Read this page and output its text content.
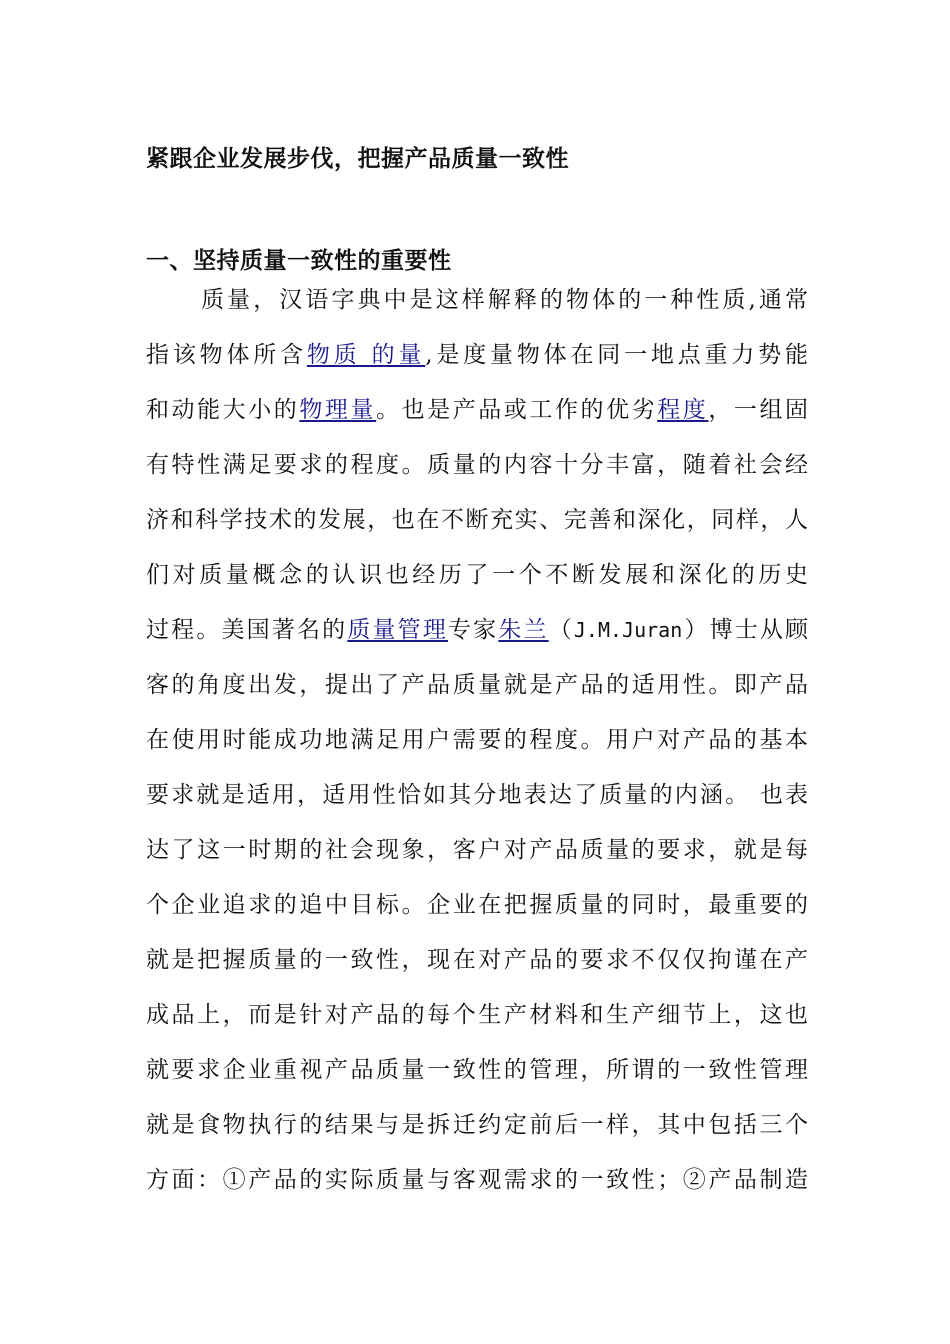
紧跟企业发展步伐，把握产品质量一致性
一、坚持质量一致性的重要性
质量，汉语字典中是这样解释的物体的一种性质,通常
指该物体所含物质 的量,是度量物体在同一地点重力势能
和动能大小的物理量。也是产品或工作的优劣程度，一组固
有特性满足要求的程度。质量的内容十分丰富，随着社会经
济和科学技术的发展，也在不断充实、完善和深化，同样，人
们对质量概念的认识也经历了一个不断发展和深化的历史
过程。美国著名的质量管理专家朱兰（J.M.Juran）博士从顾
客的角度出发，提出了产品质量就是产品的适用性。即产品
在使用时能成功地满足用户需要的程度。用户对产品的基本
要求就是适用，适用性恰如其分地表达了质量的内涵。 也表
达了这一时期的社会现象，客户对产品质量的要求，就是每
个企业追求的追中目标。企业在把握质量的同时，最重要的
就是把握质量的一致性，现在对产品的要求不仅仅拘谨在产
成品上，而是针对产品的每个生产材料和生产细节上，这也
就要求企业重视产品质量一致性的管理，所谓的一致性管理
就是食物执行的结果与是拆迁约定前后一样，其中包括三个
方面：①产品的实际质量与客观需求的一致性；②产品制造
